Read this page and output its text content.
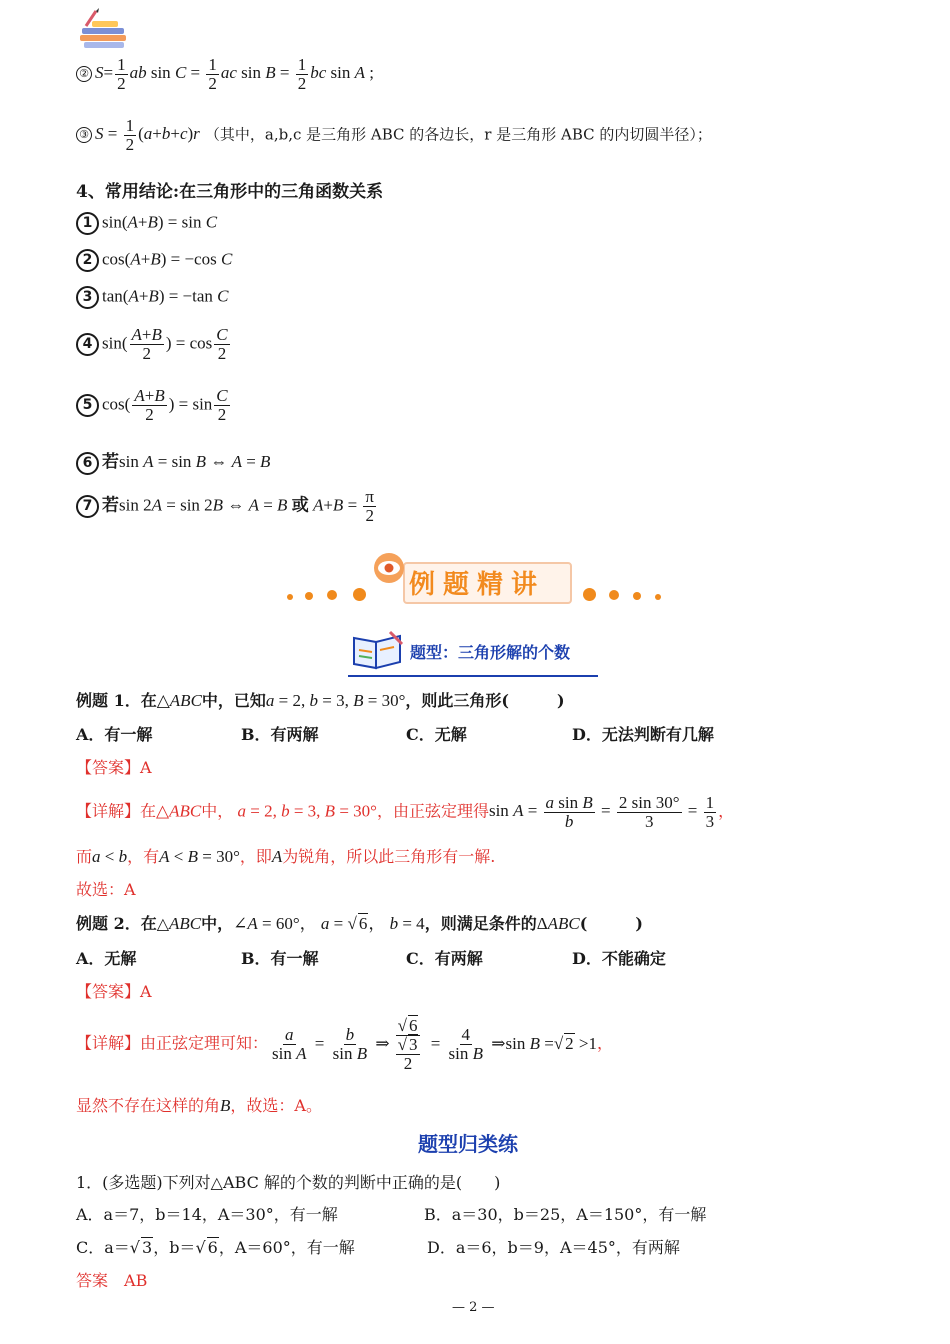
② $S= \frac{1}{2}$ ab $\sin C = \frac{1}{2}$ ac $\sin B = \frac{1}{2}$ bc sin A ;
③ $S = \frac{1}{2} (a+b+c)r$ （其中，a,b,c 是三角形 ABC 的各边长，r 是三角形 ABC 的内切圆半径）；
4、常用结论:在三角形中的三角函数关系
1 sin(A+B) = sin C
2 cos(A+B) = −cos C
3 tan(A+B) = −tan C
4 $\sin( \frac{A+B}{2}$ ) = $\cos \frac{C}{2}$
5 $\cos( \frac{A+B}{2}$ ) = $\sin \frac{C}{2}$
6 若sin A = sin B ⇔ A = B
7 若sin 2A = sin 2B ⇔ A = B 或 $A+B = \frac{\pi}{2}$
例题精讲
题型：三角形解的个数
例题 1．在△ABC中，已知a = 2, b = 3, B = 30°，则此三角形(　　　)
A．有一解	B．有两解	C．无解	D．无法判断有几解
【答案】A
【详解】在△ABC中， a = 2, b = 3, B = 30°，由正弦定理得$\sin A = \frac{\text{a sin B}}{b} = \frac{2 \sin 30^\circ}{3} = \frac{1}{3}$ ，
而a < b，有A < B = 30°，即A为锐角，所以此三角形有一解.
故选：A
例题 2．在△ABC中，∠A = 60°， a = √ 6， b = 4，则满足条件的ΔABC(　　　)
A．无解	B．有一解	C．有两解	D．不能确定
【答案】A
【详解】由正弦定理可知： $\frac{a}{\text{sin A}} = \frac{b}{\text{sin B}}$ ⇒ $\frac{√ 6}{\frac{√ 3}{2}} = \frac{4}{\text{sin B}}$ ⇒sin B =√ 2 >1，
显然不存在这样的角B，故选：A。
题型归类练
1．(多选题)下列对△ABC 解的个数的判断中正确的是(　　)
A．a＝7，b＝14，A＝30°，有一解	B．a＝30，b＝25，A＝150°，有一解
C．a＝√ 3，b＝√ 6，A＝60°，有一解	D．a＝6，b＝9，A＝45°，有两解
答案　 AB
— 2 —
